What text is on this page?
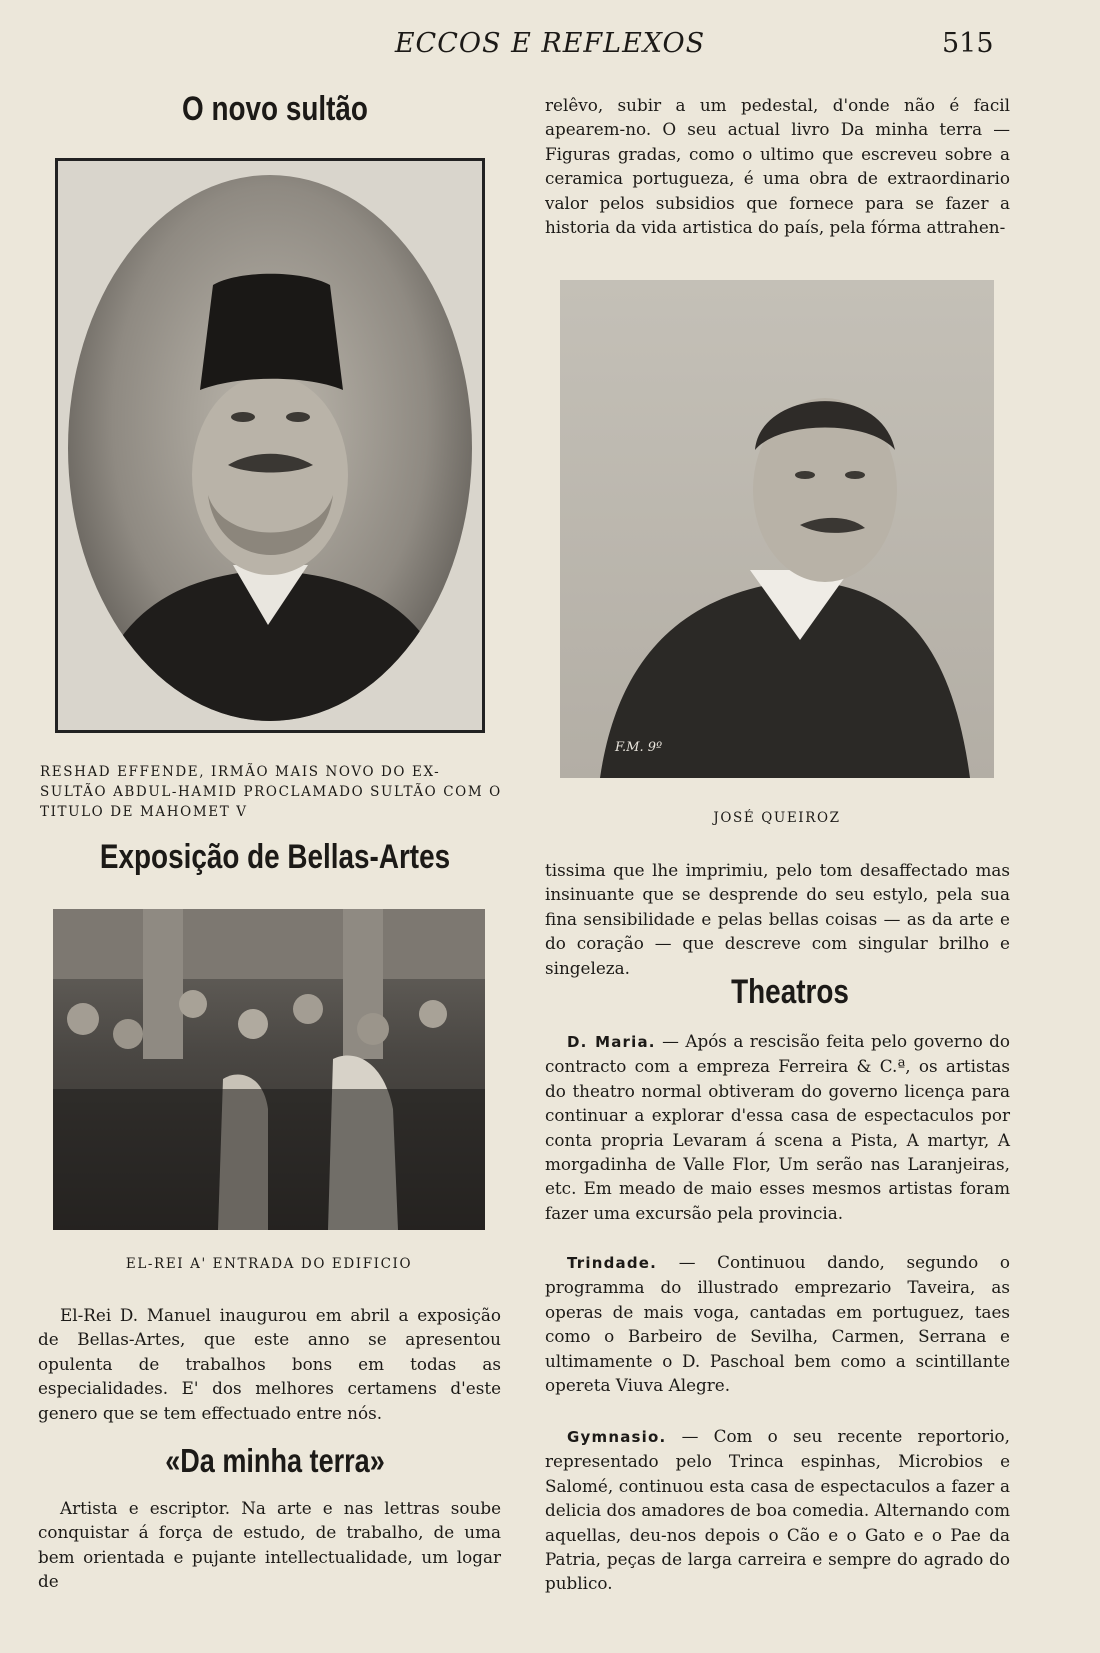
ECCOS E REFLEXOS	515
O novo sultão
RESHAD EFFENDE, IRMÃO MAIS NOVO DO EX-SULTÃO ABDUL-HAMID PROCLAMADO SULTÃO COM O TITULO DE MAHOMET V
Exposição de Bellas-Artes
EL-REI A' ENTRADA DO EDIFICIO

El-Rei D. Manuel inaugurou em abril a exposição de Bellas-Artes, que este anno se apresentou opulenta de trabalhos bons em todas as especialidades. E' dos melhores certamens d'este genero que se tem effectuado entre nós.

«Da minha terra»

Artista e escriptor. Na arte e nas lettras soube conquistar á força de estudo, de trabalho, de uma bem orientada e pujante intellectualidade, um logar de

relêvo, subir a um pedestal, d'onde não é facil apearem-no. O seu actual livro Da minha terra — Figuras gradas, como o ultimo que escreveu sobre a ceramica portugueza, é uma obra de extraordinario valor pelos subsidios que fornece para se fazer a historia da vida artistica do país, pela fórma attrahen-

F.M. 9º
JOSÉ QUEIROZ

tissima que lhe imprimiu, pelo tom desaffectado mas insinuante que se desprende do seu estylo, pela sua fina sensibilidade e pelas bellas coisas — as da arte e do coração — que descreve com singular brilho e singeleza.

Theatros

D. Maria. — Após a rescisão feita pelo governo do contracto com a empreza Ferreira & C.ª, os artistas do theatro normal obtiveram do governo licença para continuar a explorar d'essa casa de espectaculos por conta propria Levaram á scena a Pista, A martyr, A morgadinha de Valle Flor, Um serão nas Laranjeiras, etc. Em meado de maio esses mesmos artistas foram fazer uma excursão pela provincia.

Trindade. — Continuou dando, segundo o programma do illustrado emprezario Taveira, as operas de mais voga, cantadas em portuguez, taes como o Barbeiro de Sevilha, Carmen, Serrana e ultimamente o D. Paschoal bem como a scintillante opereta Viuva Alegre.

Gymnasio. — Com o seu recente reportorio, representado pelo Trinca espinhas, Microbios e Salomé, continuou esta casa de espectaculos a fazer a delicia dos amadores de boa comedia. Alternando com aquellas, deu-nos depois o Cão e o Gato e o Pae da Patria, peças de larga carreira e sempre do agrado do publico.
